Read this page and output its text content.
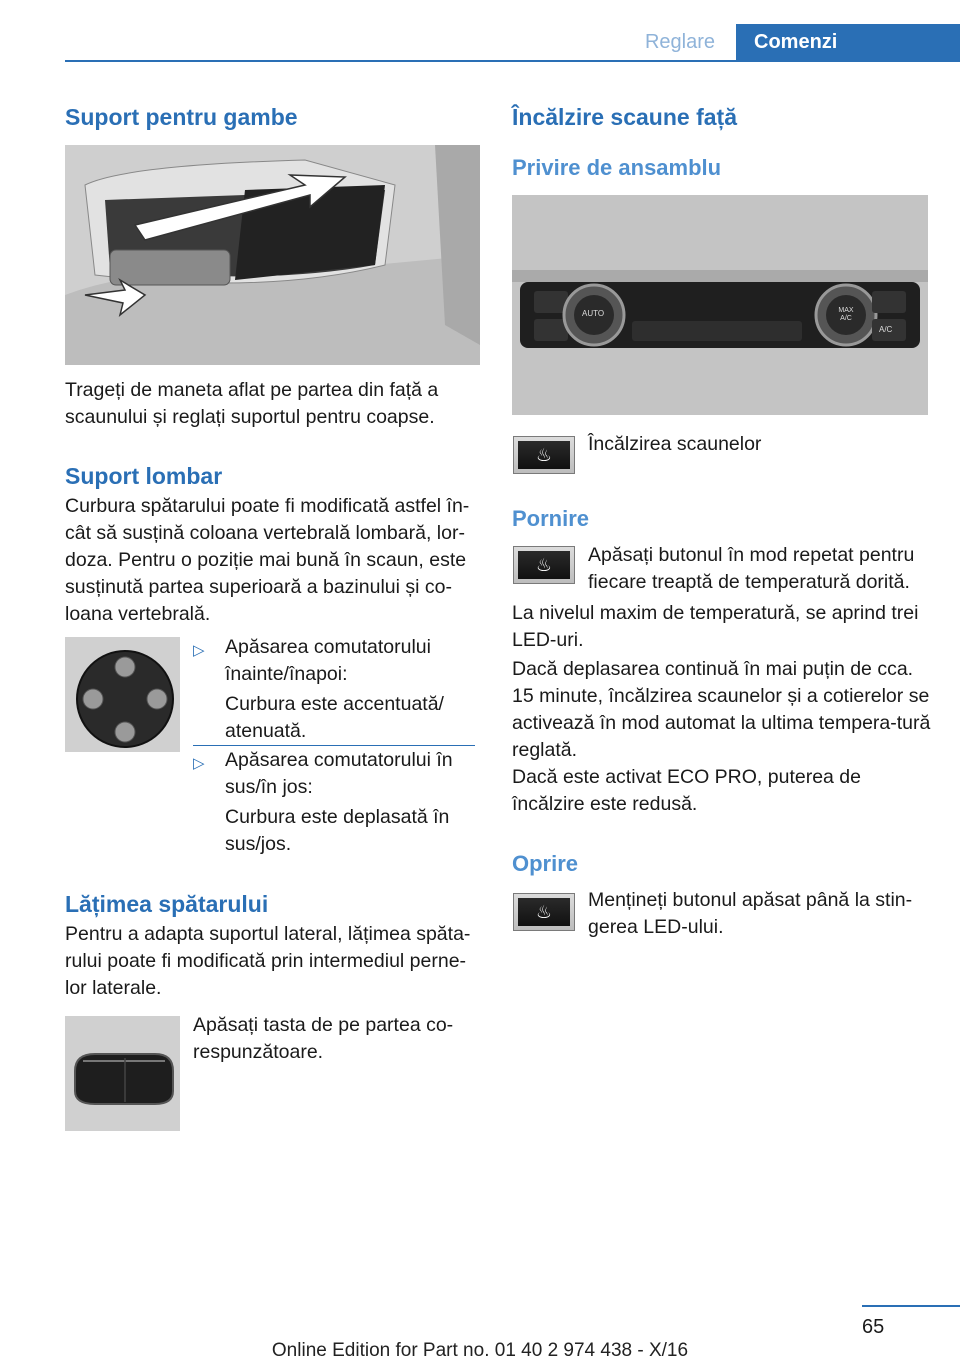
Reglare	Comenzi
Suport pentru gambe
Trageți de maneta aflat pe partea din față a scaunului și reglați suportul pentru coapse.
Suport lombar
Curbura spătarului poate fi modificată astfel în-cât să susțină coloana vertebrală lombară, lor-doza. Pentru o poziție mai bună în scaun, este susținută partea superioară a bazinului și co-loana vertebrală.
▷ Apăsarea comutatorului înainte/înapoi:
Curbura este accentuată/ atenuată.
▷ Apăsarea comutatorului în sus/în jos:
Curbura este deplasată în sus/jos.
Lățimea spătarului
Pentru a adapta suportul lateral, lățimea spăta-rului poate fi modificată prin intermediul perne-lor laterale.
Apăsați tasta de pe partea co-respunzătoare.
Încălzire scaune față
Privire de ansamblu
AUTO	MAX A/C
A/C
♨	Încălzirea scaunelor
Pornire
♨	Apăsați butonul în mod repetat pentru fiecare treaptă de temperatură dorită.
La nivelul maxim de temperatură, se aprind trei LED-uri.
Dacă deplasarea continuă în mai puțin de cca. 15 minute, încălzirea scaunelor și a cotierelor se activează în mod automat la ultima tempera-tură reglată.
Dacă este activat ECO PRO, puterea de încălzire este redusă.
Oprire
♨
Mențineți butonul apăsat până la stin-gerea LED-ului.
65
Online Edition for Part no. 01 40 2 974 438 - X/16
